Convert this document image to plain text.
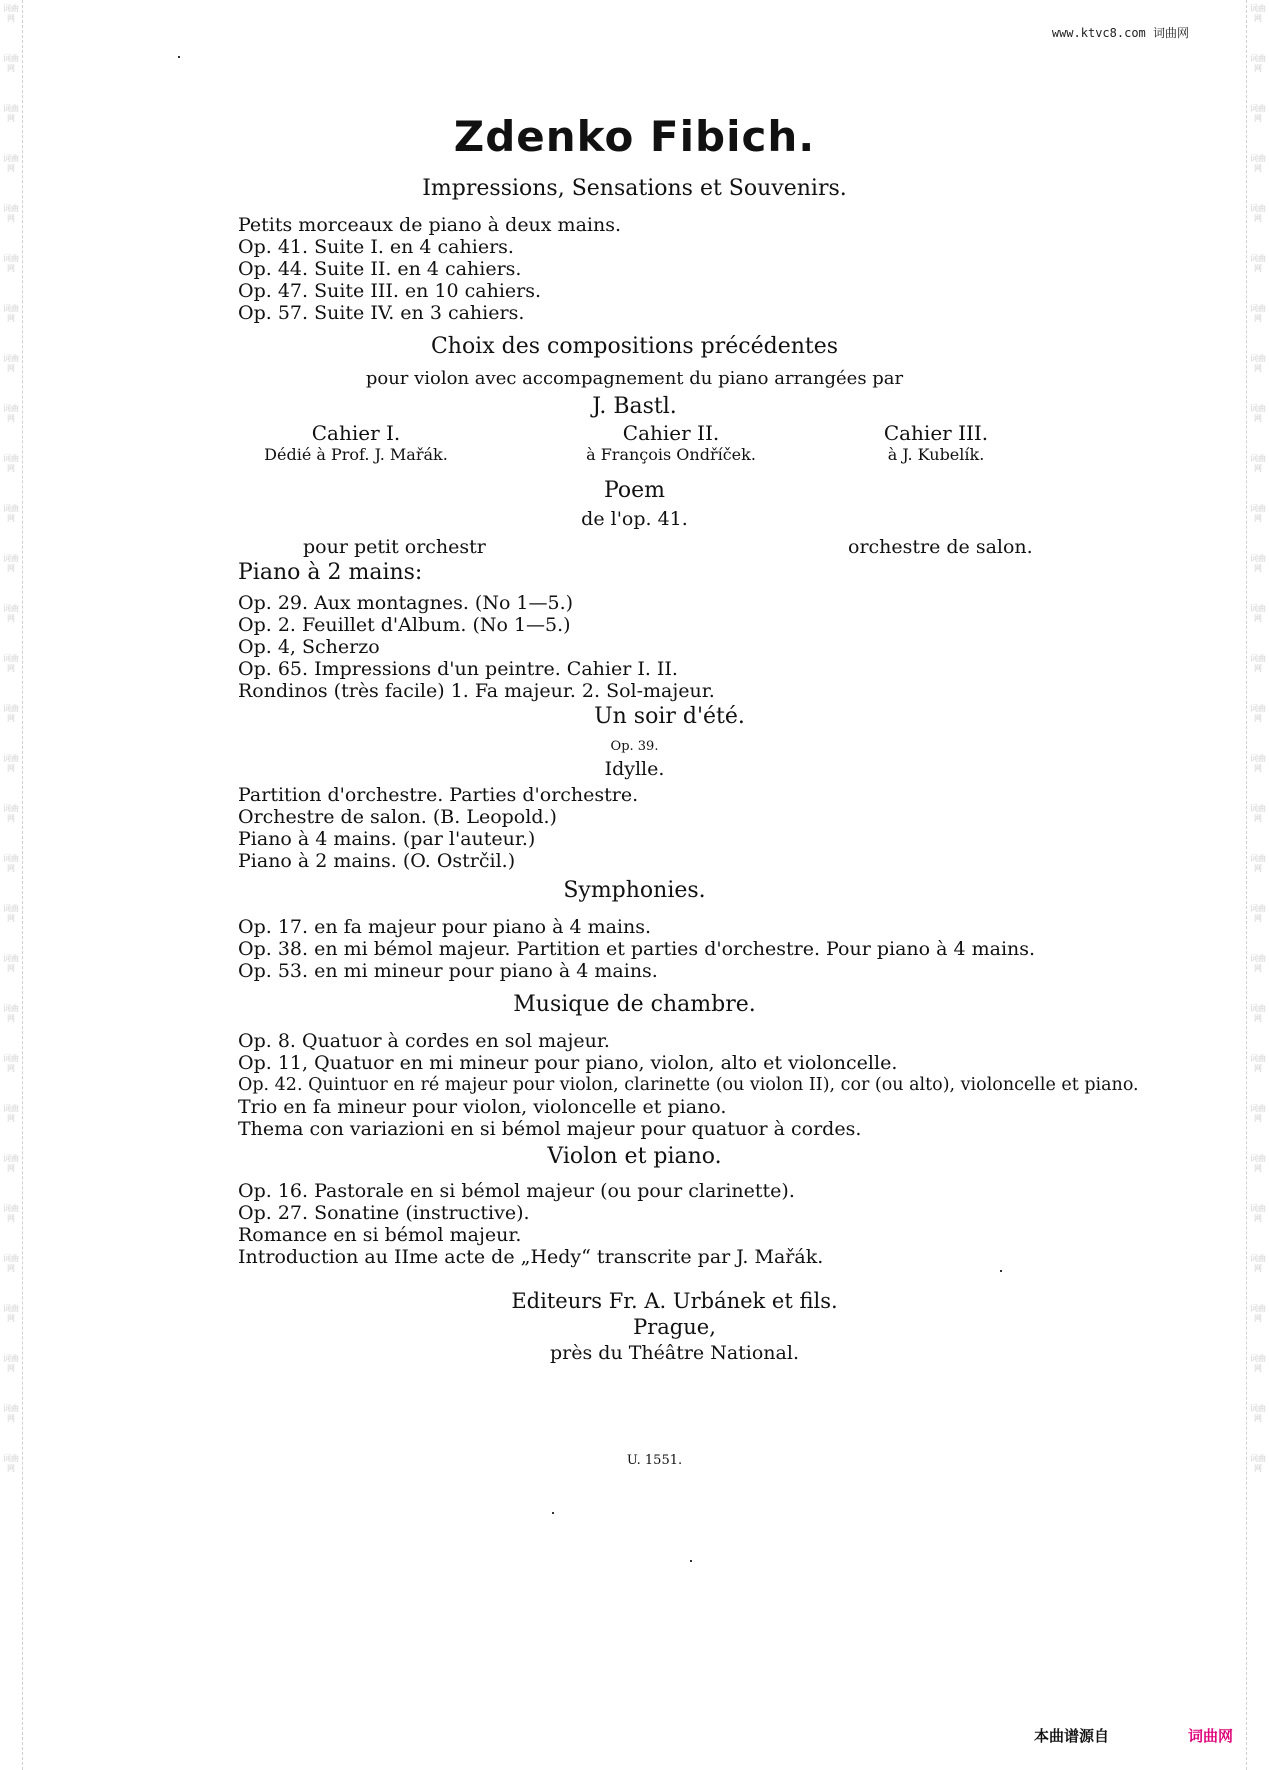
词曲网
词曲网
词曲网
词曲网
词曲网
词曲网
词曲网
词曲网
词曲网
词曲网
词曲网
词曲网
词曲网
词曲网
词曲网
词曲网
词曲网
词曲网
词曲网
词曲网
词曲网
词曲网
词曲网
词曲网
词曲网
词曲网
词曲网
词曲网
词曲网
词曲网
词曲网
词曲网
词曲网
词曲网
词曲网
词曲网
词曲网
词曲网
词曲网
词曲网
词曲网
词曲网
词曲网
词曲网
词曲网
词曲网
词曲网
词曲网
词曲网
词曲网
词曲网
词曲网
词曲网
词曲网
词曲网
词曲网
词曲网
词曲网
词曲网
词曲网
www.ktvc8.com 词曲网
Zdenko Fibich.
Impressions, Sensations et Souvenirs.
Petits morceaux de piano à deux mains.
Op. 41. Suite I. en 4 cahiers.
Op. 44. Suite II. en 4 cahiers.
Op. 47. Suite III. en 10 cahiers.
Op. 57. Suite IV. en 3 cahiers.
Choix des compositions précédentes
pour violon avec accompagnement du piano arrangées par
J. Bastl.
Cahier I.
Dédié à Prof. J. Mařák.
Cahier II.
à François Ondříček.
Cahier III.
à J. Kubelík.
Poem
de l'op. 41.
pour petit orchestr	orchestre de salon.
Piano à 2 mains:
Op. 29. Aux montagnes. (No 1—5.)
Op. 2. Feuillet d'Album. (No 1—5.)
Op. 4, Scherzo
Op. 65. Impressions d'un peintre. Cahier I. II.
Rondinos (très facile) 1. Fa majeur. 2. Sol-majeur.
Un soir d'été.
Op. 39.
Idylle.
Partition d'orchestre. Parties d'orchestre.
Orchestre de salon. (B. Leopold.)
Piano à 4 mains. (par l'auteur.)
Piano à 2 mains. (O. Ostrčil.)
Symphonies.
Op. 17. en fa majeur pour piano à 4 mains.
Op. 38. en mi bémol majeur. Partition et parties d'orchestre. Pour piano à 4 mains.
Op. 53. en mi mineur pour piano à 4 mains.
Musique de chambre.
Op. 8. Quatuor à cordes en sol majeur.
Op. 11, Quatuor en mi mineur pour piano, violon, alto et violoncelle.
Op. 42. Quintuor en ré majeur pour violon, clarinette (ou violon II), cor (ou alto), violoncelle et piano.
Trio en fa mineur pour violon, violoncelle et piano.
Thema con variazioni en si bémol majeur pour quatuor à cordes.
Violon et piano.
Op. 16. Pastorale en si bémol majeur (ou pour clarinette).
Op. 27. Sonatine (instructive).
Romance en si bémol majeur.
Introduction au IIme acte de „Hedy“ transcrite par J. Mařák.
Editeurs Fr. A. Urbánek et fils.
Prague,
près du Théâtre National.
U. 1551.
本曲谱源自	词曲网
